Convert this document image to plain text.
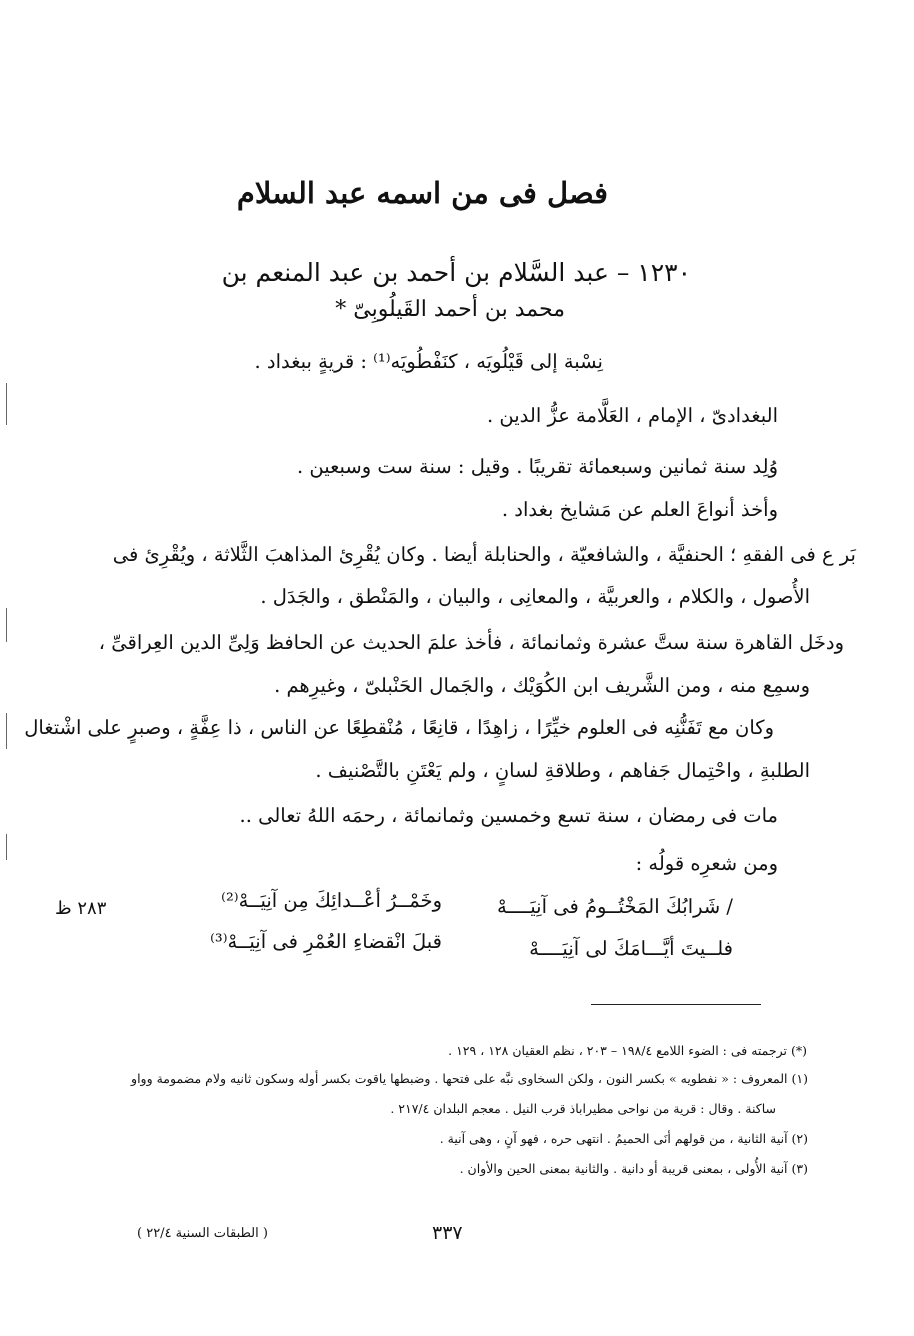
فصل فى من اسمه عبد السلام
١٢٣٠ – عبد السَّلام بن أحمد بن عبد المنعم بن
محمد بن أحمد القَيلُوبِىّ *
نِسْبة إلى قَيْلُويَه ، كنَفْطُويَه⁽¹⁾ : قريةٍ ببغداد .
البغدادىّ ، الإمام ، العَلَّامة عزُّ الدين .
وُلِد سنة ثمانين وسبعمائة تقريبًا . وقيل : سنة ست وسبعين .
وأخذ أنواعَ العلم عن مَشايخ بغداد .
بَر ع فى الفقهِ ؛ الحنفيَّة ، والشافعيّة ، والحنابلة أيضا . وكان يُقْرِئ المذاهبَ الثَّلاثة ، ويُقْرِئ فى
الأُصول ، والكلام ، والعربيَّة ، والمعانِى ، والبيان ، والمَنْطق ، والجَدَل .
ودخَل القاهرة سنة ستَّ عشرة وثمانمائة ، فأخذ علمَ الحديث عن الحافظ وَلِىِّ الدين العِراقىِّ ،
وسمِع منه ، ومن الشَّريف ابن الكُوَيْك ، والجَمال الحَنْبلىّ ، وغيرِهم .
وكان مع تَفَنُّنِه فى العلوم خيِّرًا ، زاهِدًا ، قانِعًا ، مُنْقطِعًا عن الناس ، ذا عِفَّةٍ ، وصبرٍ على اشْتغال
الطلبةِ ، واحْتِمال جَفاهم ، وطلاقةِ لسانٍ ، ولم يَعْتَنِ بالتَّصْنيف .
مات فى رمضان ، سنة تسع وخمسين وثمانمائة ، رحمَه اللهُ تعالى ..
ومن شعرِه قولُه :
/ شَرابُكَ المَخْتُــومُ فى آنِيَــــهْ
وخَمْــرُ أعْــدائِكَ مِن آنِيَــهْ⁽²⁾
فلــيتَ أيَّـــامَكَ لى آنِيَــــهْ
قبلَ انْقضاءِ العُمْرِ فى آنِيَــهْ⁽³⁾
٢٨٣ ظ
(*) ترجمته فى : الضوء اللامع ١٩٨/٤ – ٢٠٣ ، نظم العقيان ١٢٨ ، ١٢٩ .
(١) المعروف : « نفطويه » بكسر النون ، ولكن السخاوى نبَّه على فتحها . وضبطها ياقوت بكسر أوله وسكون ثانيه ولام مضمومة وواو
ساكنة . وقال : قرية من نواحى مطيراباذ قرب النيل . معجم البلدان ٢١٧/٤ .
(٢) آنية الثانية ، من قولهم أنَى الحميمُ . انتهى حره ، فهو آنٍ ، وهى آنية .
(٣) آنية الأُولى ، بمعنى قريبة أو دانية . والثانية بمعنى الحين والأوان .
٣٣٧
( الطبقات السنية ٢٢/٤ )
